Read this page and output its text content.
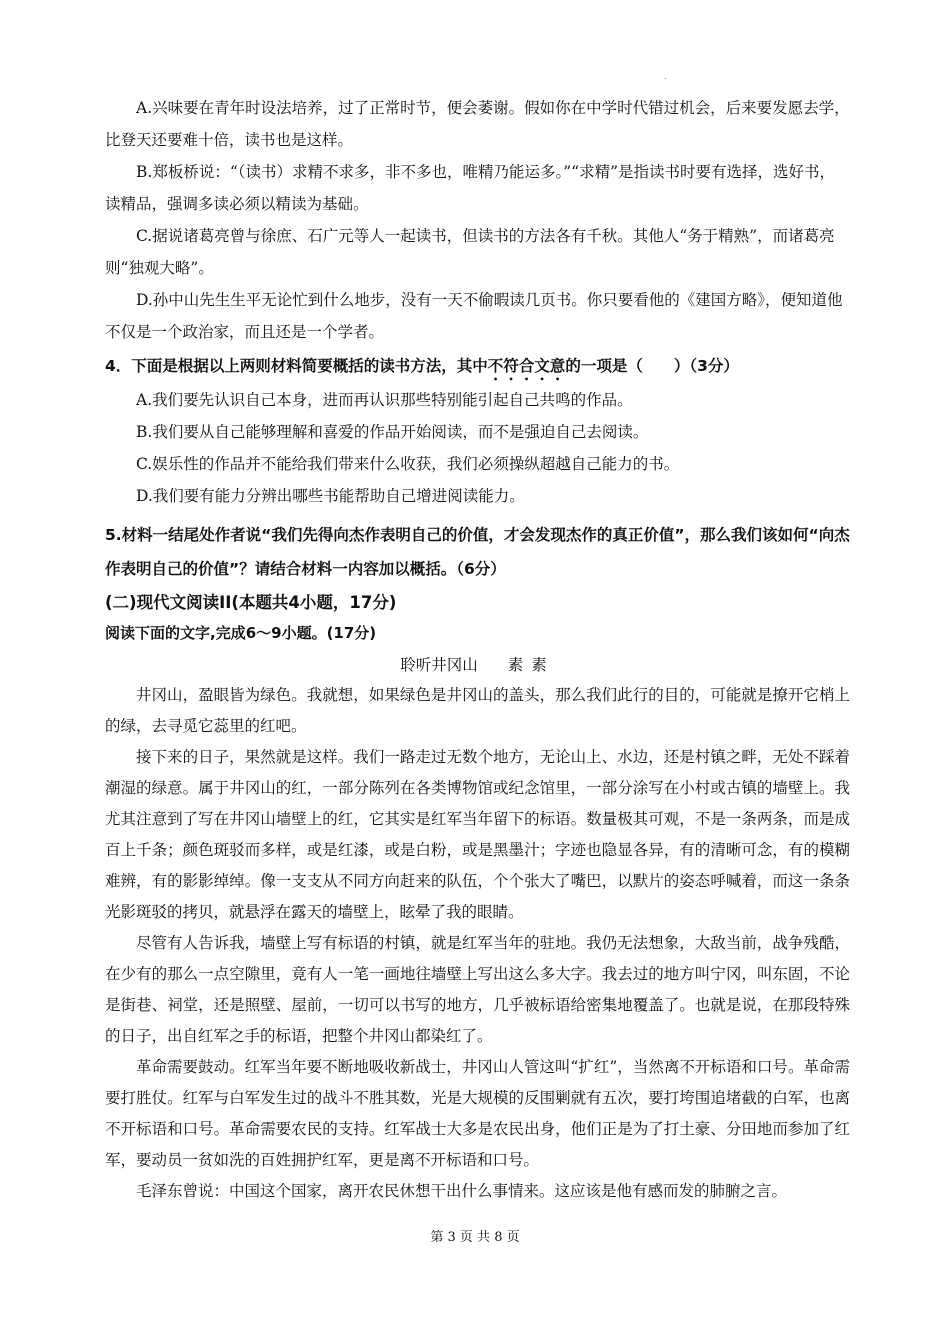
.

A.兴味要在青年时设法培养，过了正常时节，便会萎谢。假如你在中学时代错过机会，后来要发愿去学，比登天还要难十倍，读书也是这样。

B.郑板桥说：“（读书）求精不求多，非不多也，唯精乃能运多。”“求精”是指读书时要有选择，选好书，读精品，强调多读必须以精读为基础。

C.据说诸葛亮曾与徐庶、石广元等人一起读书，但读书的方法各有千秋。其他人“务于精熟”，而诸葛亮则“独观大略”。

D.孙中山先生生平无论忙到什么地步，没有一天不偷暇读几页书。你只要看他的《建国方略》，便知道他不仅是一个政治家，而且还是一个学者。

4．下面是根据以上两则材料简要概括的读书方法，其中不符合文意的一项是（　　）（3分）

A.我们要先认识自己本身，进而再认识那些特别能引起自己共鸣的作品。

B.我们要从自己能够理解和喜爱的作品开始阅读，而不是强迫自己去阅读。

C.娱乐性的作品并不能给我们带来什么收获，我们必须操纵超越自己能力的书。

D.我们要有能力分辨出哪些书能帮助自己增进阅读能力。

5.材料一结尾处作者说“我们先得向杰作表明自己的价值，才会发现杰作的真正价值”，那么我们该如何“向杰作表明自己的价值”？请结合材料一内容加以概括。（6分）

(二)现代文阅读II(本题共4小题，17分)

阅读下面的文字,完成6～9小题。(17分)

聆听井冈山 素素

井冈山，盈眼皆为绿色。我就想，如果绿色是井冈山的盖头，那么我们此行的目的，可能就是撩开它梢上的绿，去寻觅它蕊里的红吧。

接下来的日子，果然就是这样。我们一路走过无数个地方，无论山上、水边，还是村镇之畔，无处不踩着潮湿的绿意。属于井冈山的红，一部分陈列在各类博物馆或纪念馆里，一部分涂写在小村或古镇的墙壁上。我尤其注意到了写在井冈山墙壁上的红，它其实是红军当年留下的标语。数量极其可观，不是一条两条，而是成百上千条；颜色斑驳而多样，或是红漆，或是白粉，或是黑墨汁；字迹也隐显各异，有的清晰可念，有的模糊难辨，有的影影绰绰。像一支支从不同方向赶来的队伍，个个张大了嘴巴，以默片的姿态呼喊着，而这一条条光影斑驳的拷贝，就悬浮在露天的墙壁上，眩晕了我的眼睛。

尽管有人告诉我，墙壁上写有标语的村镇，就是红军当年的驻地。我仍无法想象，大敌当前，战争残酷，在少有的那么一点空隙里，竟有人一笔一画地往墙壁上写出这么多大字。我去过的地方叫宁冈，叫东固，不论是街巷、祠堂，还是照壁、屋前，一切可以书写的地方，几乎被标语给密集地覆盖了。也就是说，在那段特殊的日子，出自红军之手的标语，把整个井冈山都染红了。

革命需要鼓动。红军当年要不断地吸收新战士，井冈山人管这叫“扩红”，当然离不开标语和口号。革命需要打胜仗。红军与白军发生过的战斗不胜其数，光是大规模的反围剿就有五次，要打垮围追堵截的白军，也离不开标语和口号。革命需要农民的支持。红军战士大多是农民出身，他们正是为了打土豪、分田地而参加了红军，要动员一贫如洗的百姓拥护红军，更是离不开标语和口号。

毛泽东曾说：中国这个国家，离开农民休想干出什么事情来。这应该是他有感而发的肺腑之言。

第 3 页 共 8 页
